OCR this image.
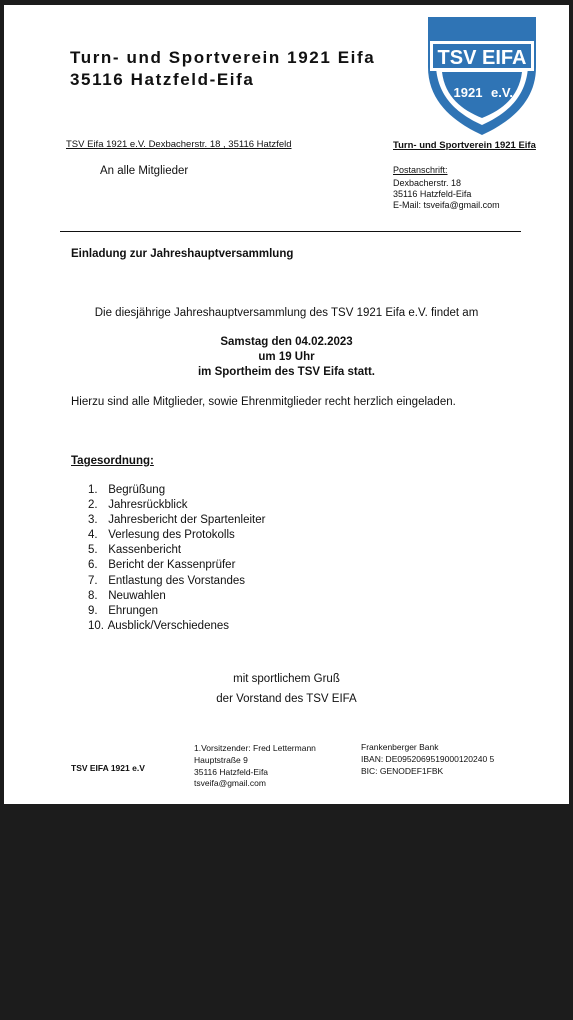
Turn- und Sportverein 1921 Eifa
35116 Hatzfeld-Eifa
TSV EIFA
1921 e.V.
TSV Eifa 1921 e.V. Dexbacherstr. 18 , 35116 Hatzfeld	Turn- und Sportverein 1921 Eifa
An alle Mitglieder	Postanschrift:
Dexbacherstr. 18
35116 Hatzfeld-Eifa
E-Mail: tsveifa@gmail.com
Einladung zur Jahreshauptversammlung
Die diesjährige Jahreshauptversammlung des TSV 1921 Eifa e.V. findet am
Samstag den 04.02.2023
um 19 Uhr
im Sportheim des TSV Eifa statt.
Hierzu sind alle Mitglieder, sowie Ehrenmitglieder recht herzlich eingeladen.
Tagesordnung:
1. Begrüßung
2. Jahresrückblick
3. Jahresbericht der Spartenleiter
4. Verlesung des Protokolls
5. Kassenbericht
6. Bericht der Kassenprüfer
7. Entlastung des Vorstandes
8. Neuwahlen
9. Ehrungen
10. Ausblick/Verschiedenes
mit sportlichem Gruß
der Vorstand des TSV EIFA
TSV EIFA 1921 e.V
1.Vorsitzender: Fred Lettermann
Hauptstraße 9
35116 Hatzfeld-Eifa
tsveifa@gmail.com
Frankenberger Bank
IBAN: DE0952069519000120240 5
BIC: GENODEF1FBK
